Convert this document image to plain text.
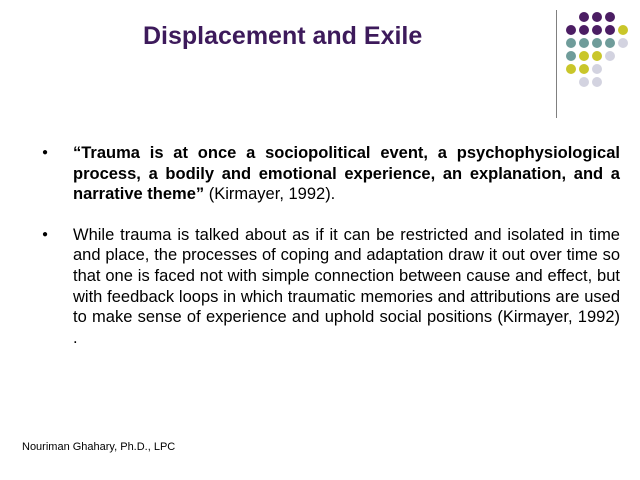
Displacement and Exile
●	“Trauma is at once a sociopolitical event, a psychophysiological process, a bodily and emotional experience, an explanation, and a narrative theme” (Kirmayer, 1992).
●	While trauma is talked about as if it can be restricted and isolated in time and place, the processes of coping and adaptation draw it out over time so that one is faced not with simple connection between cause and effect, but with feedback loops in which traumatic memories and attributions are used to make sense of experience and uphold social positions (Kirmayer, 1992) .
Nouriman Ghahary, Ph.D., LPC
